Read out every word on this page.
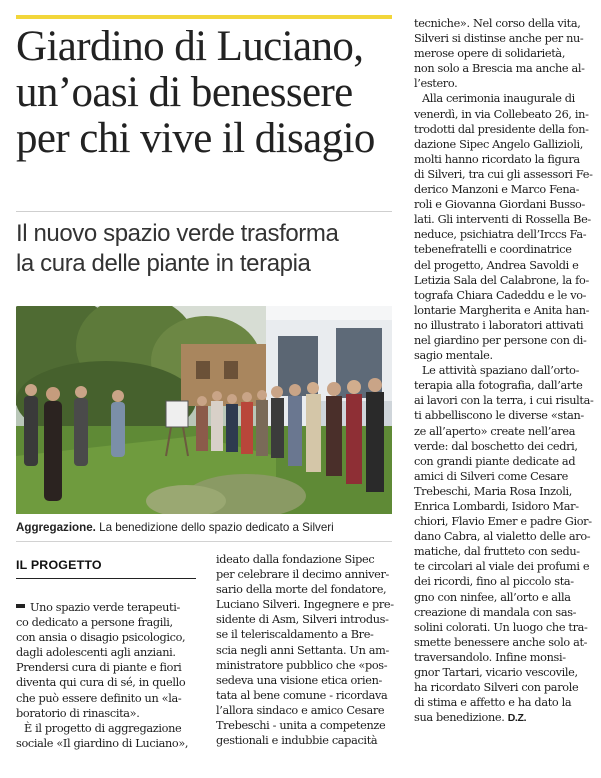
Giardino di Luciano,
un’oasi di benessere
per chi vive il disagio
Il nuovo spazio verde trasforma
la cura delle piante in terapia
Aggregazione. La benedizione dello spazio dedicato a Silveri
IL PROGETTO
Uno spazio verde terapeuti-
co dedicato a persone fragili,
con ansia o disagio psicologico,
dagli adolescenti agli anziani.
Prendersi cura di piante e fiori
diventa qui cura di sé, in quello
che può essere definito un «la-
boratorio di rinascita».
È il progetto di aggregazione
sociale «Il giardino di Luciano»,
ideato dalla fondazione Sipec
per celebrare il decimo anniver-
sario della morte del fondatore,
Luciano Silveri. Ingegnere e pre-
sidente di Asm, Silveri introdus-
se il teleriscaldamento a Bre-
scia negli anni Settanta. Un am-
ministratore pubblico che «pos-
sedeva una visione etica orien-
tata al bene comune - ricordava
l’allora sindaco e amico Cesare
Trebeschi - unita a competenze
gestionali e indubbie capacità
tecniche». Nel corso della vita,
Silveri si distinse anche per nu-
merose opere di solidarietà,
non solo a Brescia ma anche al-
l’estero.
Alla cerimonia inaugurale di
venerdì, in via Collebeato 26, in-
trodotti dal presidente della fon-
dazione Sipec Angelo Gallizioli,
molti hanno ricordato la figura
di Silveri, tra cui gli assessori Fe-
derico Manzoni e Marco Fenа-
roli e Giovanna Giordani Busso-
lati. Gli interventi di Rossella Be-
neduce, psichiatra dell’Irccs Fa-
tebenefratelli e coordinatrice
del progetto, Andrea Savoldi e
Letizia Sala del Calabrone, la fo-
tografa Chiara Cadeddu e le vo-
lontarie Margherita e Anita han-
no illustrato i laboratori attivati
nel giardino per persone con di-
sagio mentale.
Le attività spaziano dall’orto-
terapia alla fotografia, dall’arte
ai lavori con la terra, i cui risulta-
ti abbelliscono le diverse «stan-
ze all’aperto» create nell’area
verde: dal boschetto dei cedri,
con grandi piante dedicate ad
amici di Silveri come Cesare
Trebeschi, Maria Rosa Inzoli,
Enrica Lombardi, Isidoro Mar-
chiori, Flavio Emer e padre Gior-
dano Cabra, al vialetto delle aro-
matiche, dal frutteto con sedu-
te circolari al viale dei profumi e
dei ricordi, fino al piccolo sta-
gno con ninfee, all’orto e alla
creazione di mandala con sas-
solini colorati. Un luogo che tra-
smette benessere anche solo at-
traversandolo. Infine monsi-
gnor Tartari, vicario vescovile,
ha ricordato Silveri con parole
di stima e affetto e ha dato la
sua benedizione. D.Z.
